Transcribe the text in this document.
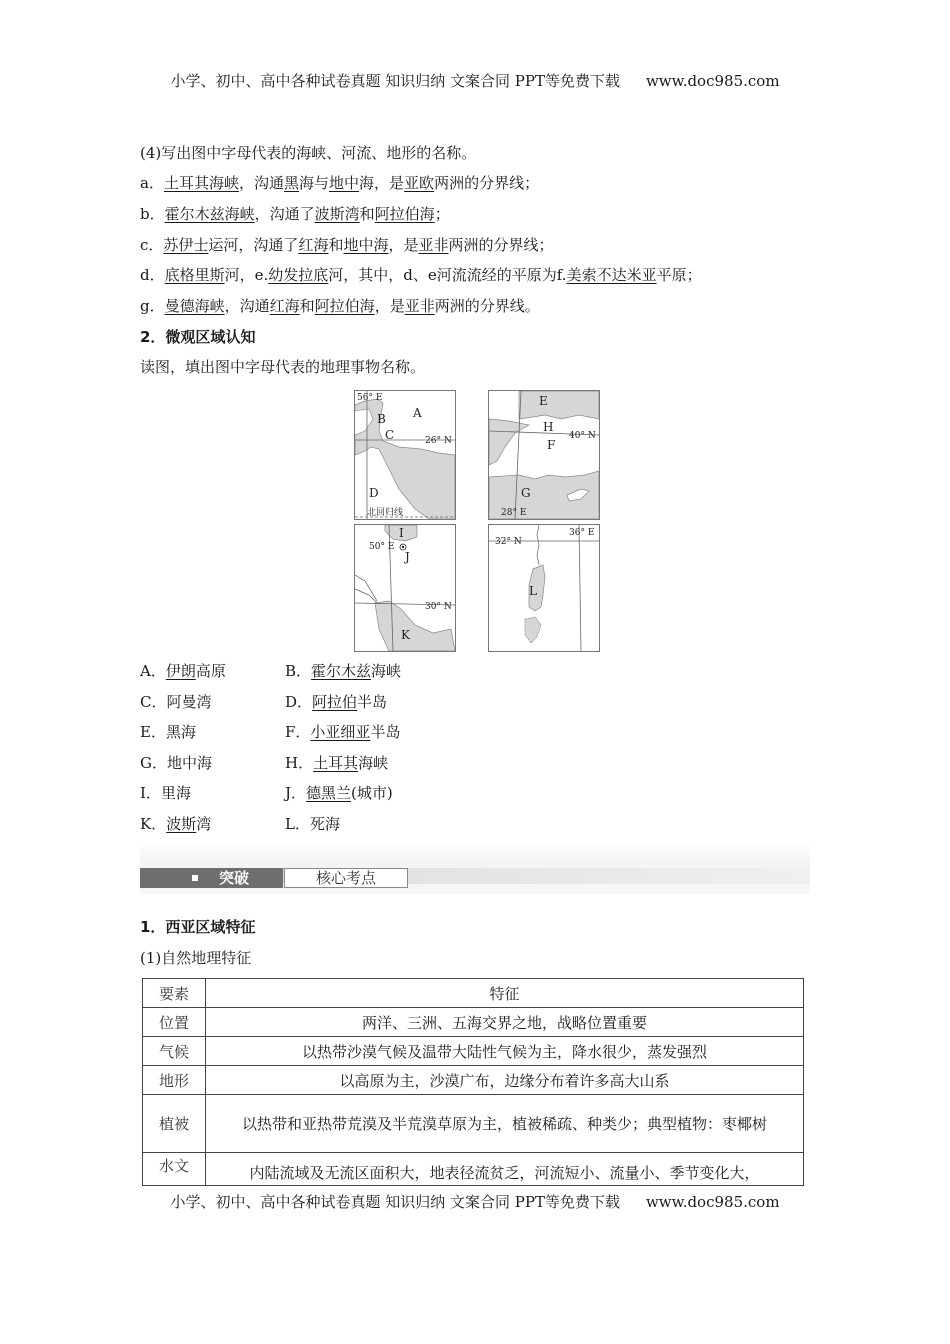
小学、初中、高中各种试卷真题 知识归纳 文案合同 PPT等免费下载 www.doc985.com
(4)写出图中字母代表的海峡、河流、地形的名称。
a．土耳其海峡，沟通黑海与地中海，是亚欧两洲的分界线；
b．霍尔木兹海峡，沟通了波斯湾和阿拉伯海；
c．苏伊士运河，沟通了红海和地中海，是亚非两洲的分界线；
d．底格里斯河，e.幼发拉底河，其中，d、e河流流经的平原为f.美索不达米亚平原；
g．曼德海峡，沟通红海和阿拉伯海，是亚非两洲的分界线。
2．微观区域认知
读图，填出图中字母代表的地理事物名称。
56° E
26° N
北回归线
A
B
C
D
40° N
28° E
E
H
F
G
50° E
30° N
I
J
K
32° N
36° E
L
A．伊朗高原	B．霍尔木兹海峡
C．阿曼湾	D．阿拉伯半岛
E．黑海	F．小亚细亚半岛
G．地中海	H．土耳其海峡
I．里海	J．德黑兰(城市)
K．波斯湾	L．死海
突破	核心考点
1．西亚区域特征
(1)自然地理特征
要素	特征
位置	两洋、三洲、五海交界之地，战略位置重要
气候	以热带沙漠气候及温带大陆性气候为主，降水很少，蒸发强烈
地形	以高原为主，沙漠广布，边缘分布着许多高大山系
植被	以热带和亚热带荒漠及半荒漠草原为主，植被稀疏、种类少；典型植物：枣椰树
水文	内陆流域及无流区面积大，地表径流贫乏，河流短小、流量小、季节变化大，
小学、初中、高中各种试卷真题 知识归纳 文案合同 PPT等免费下载 www.doc985.com
